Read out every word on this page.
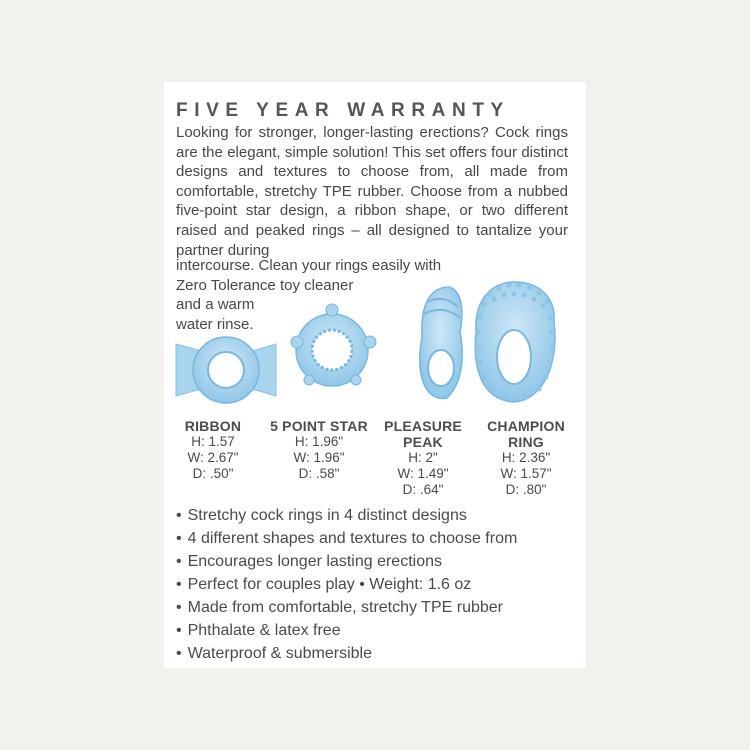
FIVE YEAR WARRANTY
Looking for stronger, longer-lasting erections? Cock rings are the elegant, simple solution! This set offers four distinct designs and textures to choose from, all made from comfortable, stretchy TPE rubber. Choose from a nubbed five-point star design, a ribbon shape, or two different raised and peaked rings – all designed to tantalize your partner during
intercourse. Clean your rings easily with
Zero Tolerance toy cleaner
and a warm
water rinse.
RIBBON
H: 1.57
W: 2.67"
D: .50"
5 POINT STAR
H: 1.96"
W: 1.96"
D: .58"
PLEASURE
PEAK
H: 2"
W: 1.49"
D: .64"
CHAMPION
RING
H: 2.36"
W: 1.57"
D: .80"
• Stretchy cock rings in 4 distinct designs
• 4 different shapes and textures to choose from
• Encourages longer lasting erections
• Perfect for couples play • Weight: 1.6 oz
• Made from comfortable, stretchy TPE rubber
• Phthalate & latex free
• Waterproof & submersible
